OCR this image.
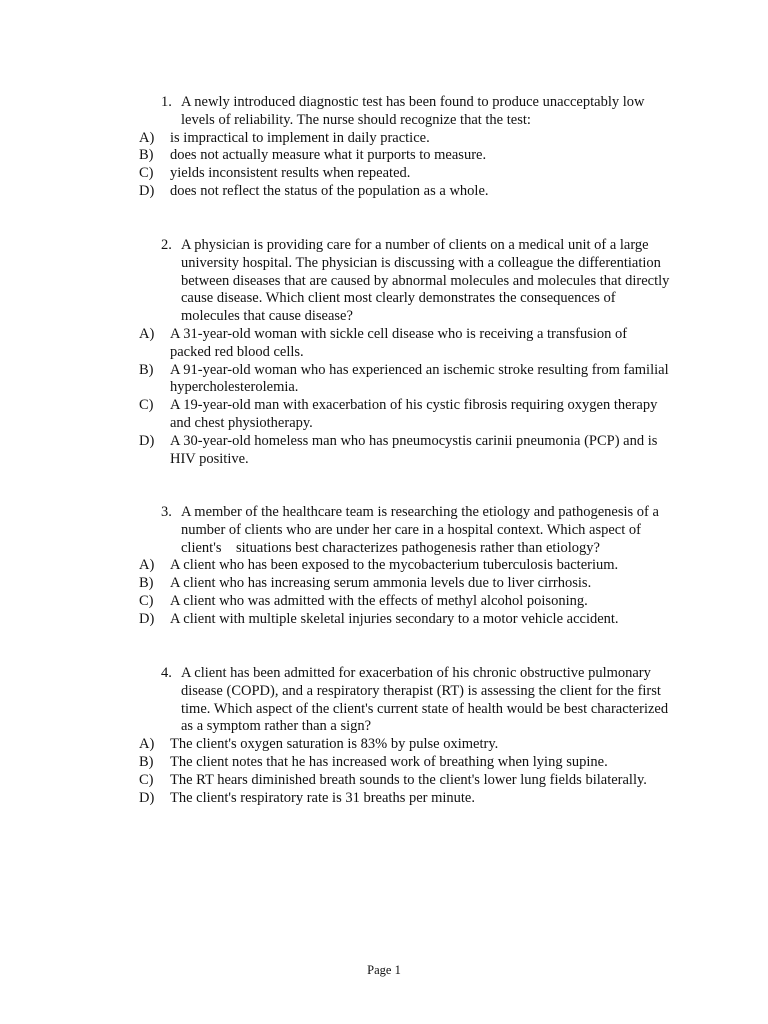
1. A newly introduced diagnostic test has been found to produce unacceptably low levels of reliability. The nurse should recognize that the test:
A) is impractical to implement in daily practice.
B) does not actually measure what it purports to measure.
C) yields inconsistent results when repeated.
D) does not reflect the status of the population as a whole.
2. A physician is providing care for a number of clients on a medical unit of a large university hospital. The physician is discussing with a colleague the differentiation between diseases that are caused by abnormal molecules and molecules that directly cause disease. Which client most clearly demonstrates the consequences of molecules that cause disease?
A) A 31-year-old woman with sickle cell disease who is receiving a transfusion of packed red blood cells.
B) A 91-year-old woman who has experienced an ischemic stroke resulting from familial hypercholesterolemia.
C) A 19-year-old man with exacerbation of his cystic fibrosis requiring oxygen therapy and chest physiotherapy.
D) A 30-year-old homeless man who has pneumocystis carinii pneumonia (PCP) and is HIV positive.
3. A member of the healthcare team is researching the etiology and pathogenesis of a number of clients who are under her care in a hospital context. Which aspect of client's    situations best characterizes pathogenesis rather than etiology?
A) A client who has been exposed to the mycobacterium tuberculosis bacterium.
B) A client who has increasing serum ammonia levels due to liver cirrhosis.
C) A client who was admitted with the effects of methyl alcohol poisoning.
D) A client with multiple skeletal injuries secondary to a motor vehicle accident.
4. A client has been admitted for exacerbation of his chronic obstructive pulmonary disease (COPD), and a respiratory therapist (RT) is assessing the client for the first time. Which aspect of the client's current state of health would be best characterized as a symptom rather than a sign?
A) The client's oxygen saturation is 83% by pulse oximetry.
B) The client notes that he has increased work of breathing when lying supine.
C) The RT hears diminished breath sounds to the client's lower lung fields bilaterally.
D) The client's respiratory rate is 31 breaths per minute.
Page 1
